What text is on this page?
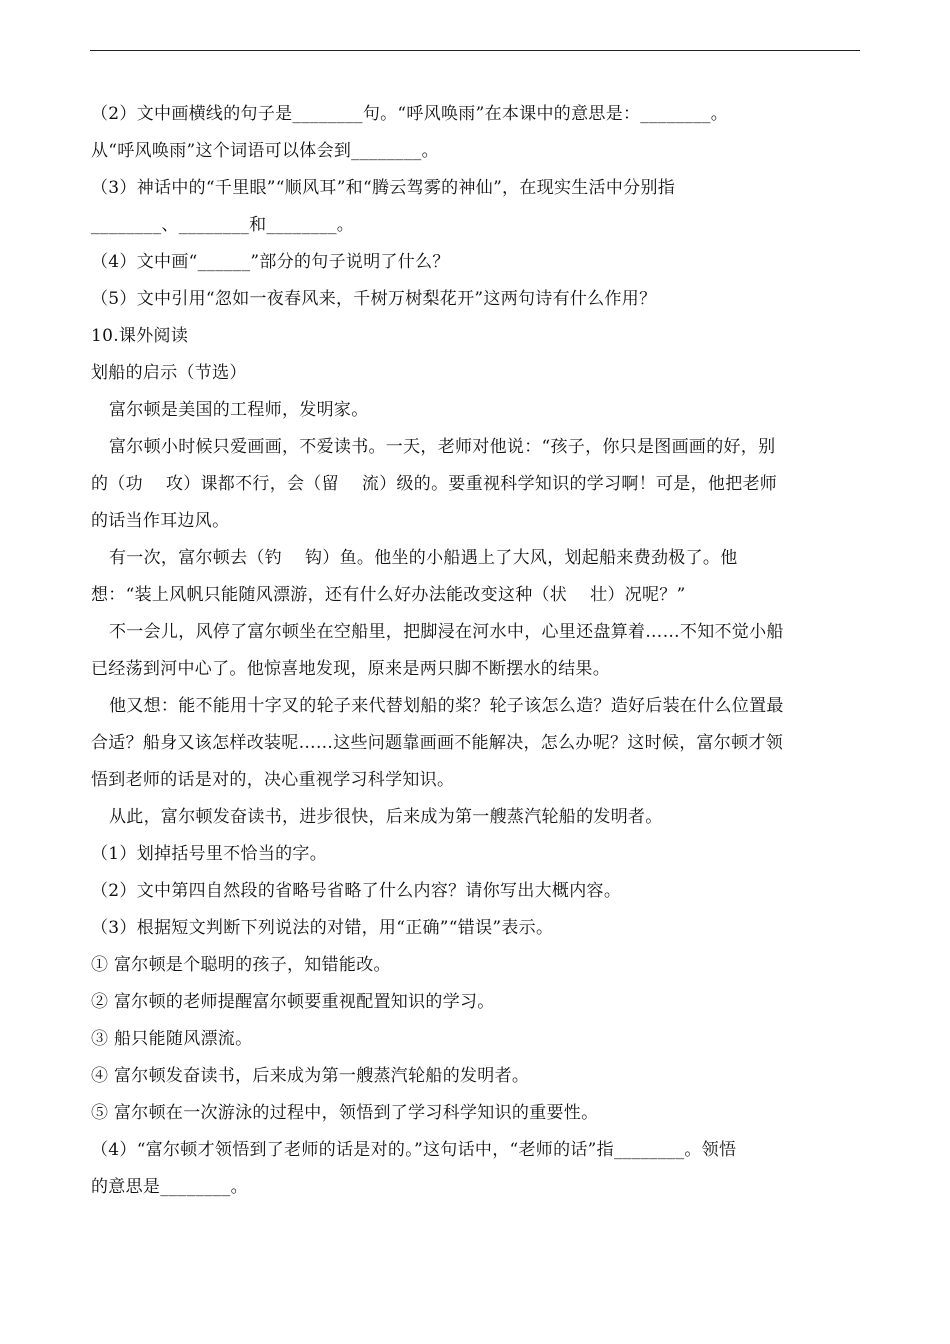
（2）文中画横线的句子是________句。“呼风唤雨”在本课中的意思是：________。

从“呼风唤雨”这个词语可以体会到________。

（3）神话中的“千里眼”“顺风耳”和“腾云驾雾的神仙”，在现实生活中分别指

________、________和________。

（4）文中画“______”部分的句子说明了什么？

（5）文中引用“忽如一夜春风来，千树万树梨花开”这两句诗有什么作用？

10.课外阅读

划船的启示（节选）

富尔顿是美国的工程师，发明家。

富尔顿小时候只爱画画，不爱读书。一天，老师对他说：“孩子，你只是图画画的好，别

的（功　 攻）课都不行，会（留　 流）级的。要重视科学知识的学习啊！可是，他把老师

的话当作耳边风。

有一次，富尔顿去（钓　 钩）鱼。他坐的小船遇上了大风，划起船来费劲极了。他

想：“装上风帆只能随风漂游，还有什么好办法能改变这种（状　 壮）况呢？”

不一会儿，风停了富尔顿坐在空船里，把脚浸在河水中，心里还盘算着……不知不觉小船

已经荡到河中心了。他惊喜地发现，原来是两只脚不断摆水的结果。

他又想：能不能用十字叉的轮子来代替划船的桨？轮子该怎么造？造好后装在什么位置最

合适？船身又该怎样改装呢……这些问题靠画画不能解决，怎么办呢？这时候，富尔顿才领

悟到老师的话是对的，决心重视学习科学知识。

从此，富尔顿发奋读书，进步很快，后来成为第一艘蒸汽轮船的发明者。

（1）划掉括号里不恰当的字。

（2）文中第四自然段的省略号省略了什么内容？请你写出大概内容。

（3）根据短文判断下列说法的对错，用“正确”“错误”表示。

① 富尔顿是个聪明的孩子，知错能改。

② 富尔顿的老师提醒富尔顿要重视配置知识的学习。

③ 船只能随风漂流。

④ 富尔顿发奋读书，后来成为第一艘蒸汽轮船的发明者。

⑤ 富尔顿在一次游泳的过程中，领悟到了学习科学知识的重要性。

（4）“富尔顿才领悟到了老师的话是对的。”这句话中，“老师的话”指________。领悟

的意思是________。
